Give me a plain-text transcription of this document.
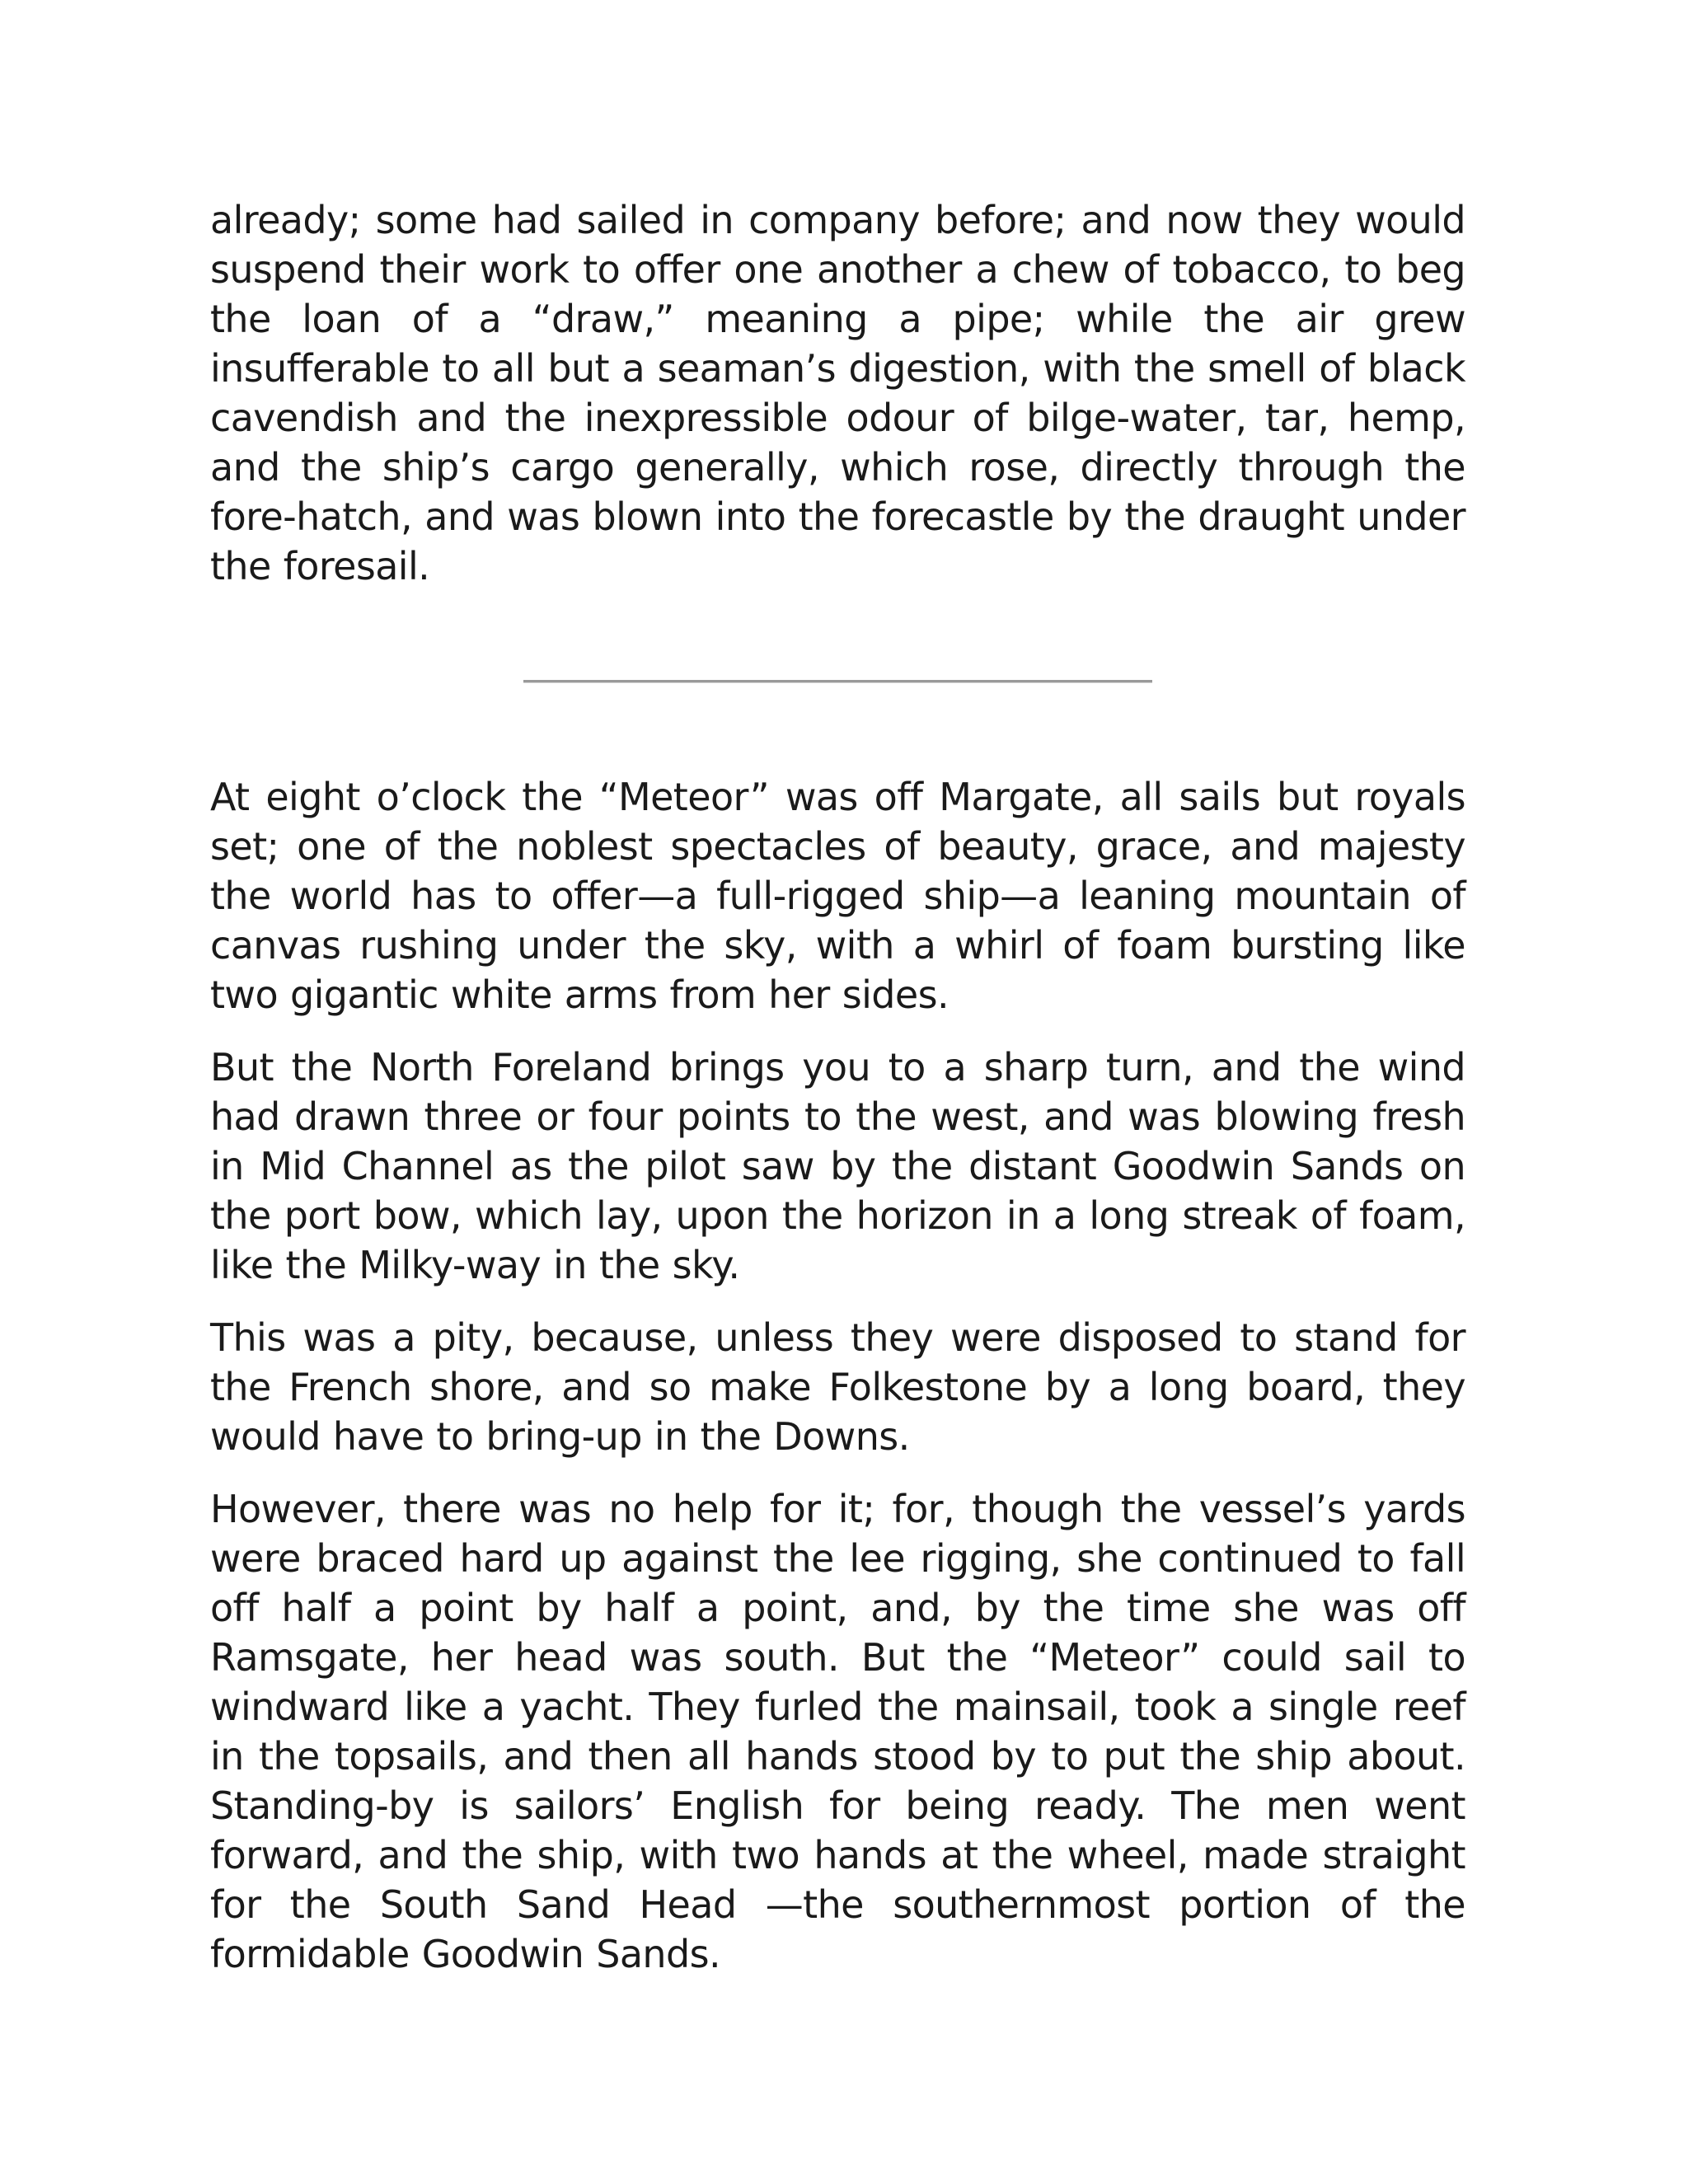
already; some had sailed in company before; and now they would suspend their work to offer one another a chew of tobacco, to beg the loan of a “draw,” meaning a pipe; while the air grew insufferable to all but a seaman’s digestion, with the smell of black cavendish and the inexpressible odour of bilge-water, tar, hemp, and the ship’s cargo generally, which rose, directly through the fore-hatch, and was blown into the forecastle by the draught under the foresail.

At eight o’clock the “Meteor” was off Margate, all sails but royals set; one of the noblest spectacles of beauty, grace, and majesty the world has to offer—a full-rigged ship—a leaning mountain of canvas rushing under the sky, with a whirl of foam bursting like two gigantic white arms from her sides.

But the North Foreland brings you to a sharp turn, and the wind had drawn three or four points to the west, and was blowing fresh in Mid Channel as the pilot saw by the distant Goodwin Sands on the port bow, which lay, upon the horizon in a long streak of foam, like the Milky-way in the sky.

This was a pity, because, unless they were disposed to stand for the French shore, and so make Folkestone by a long board, they would have to bring-up in the Downs.

However, there was no help for it; for, though the vessel’s yards were braced hard up against the lee rigging, she continued to fall off half a point by half a point, and, by the time she was off Ramsgate, her head was south. But the “Meteor” could sail to windward like a yacht. They furled the mainsail, took a single reef in the topsails, and then all hands stood by to put the ship about. Standing-by is sailors’ English for being ready. The men went forward, and the ship, with two hands at the wheel, made straight for the South Sand Head —the southernmost portion of the formidable Goodwin Sands.
